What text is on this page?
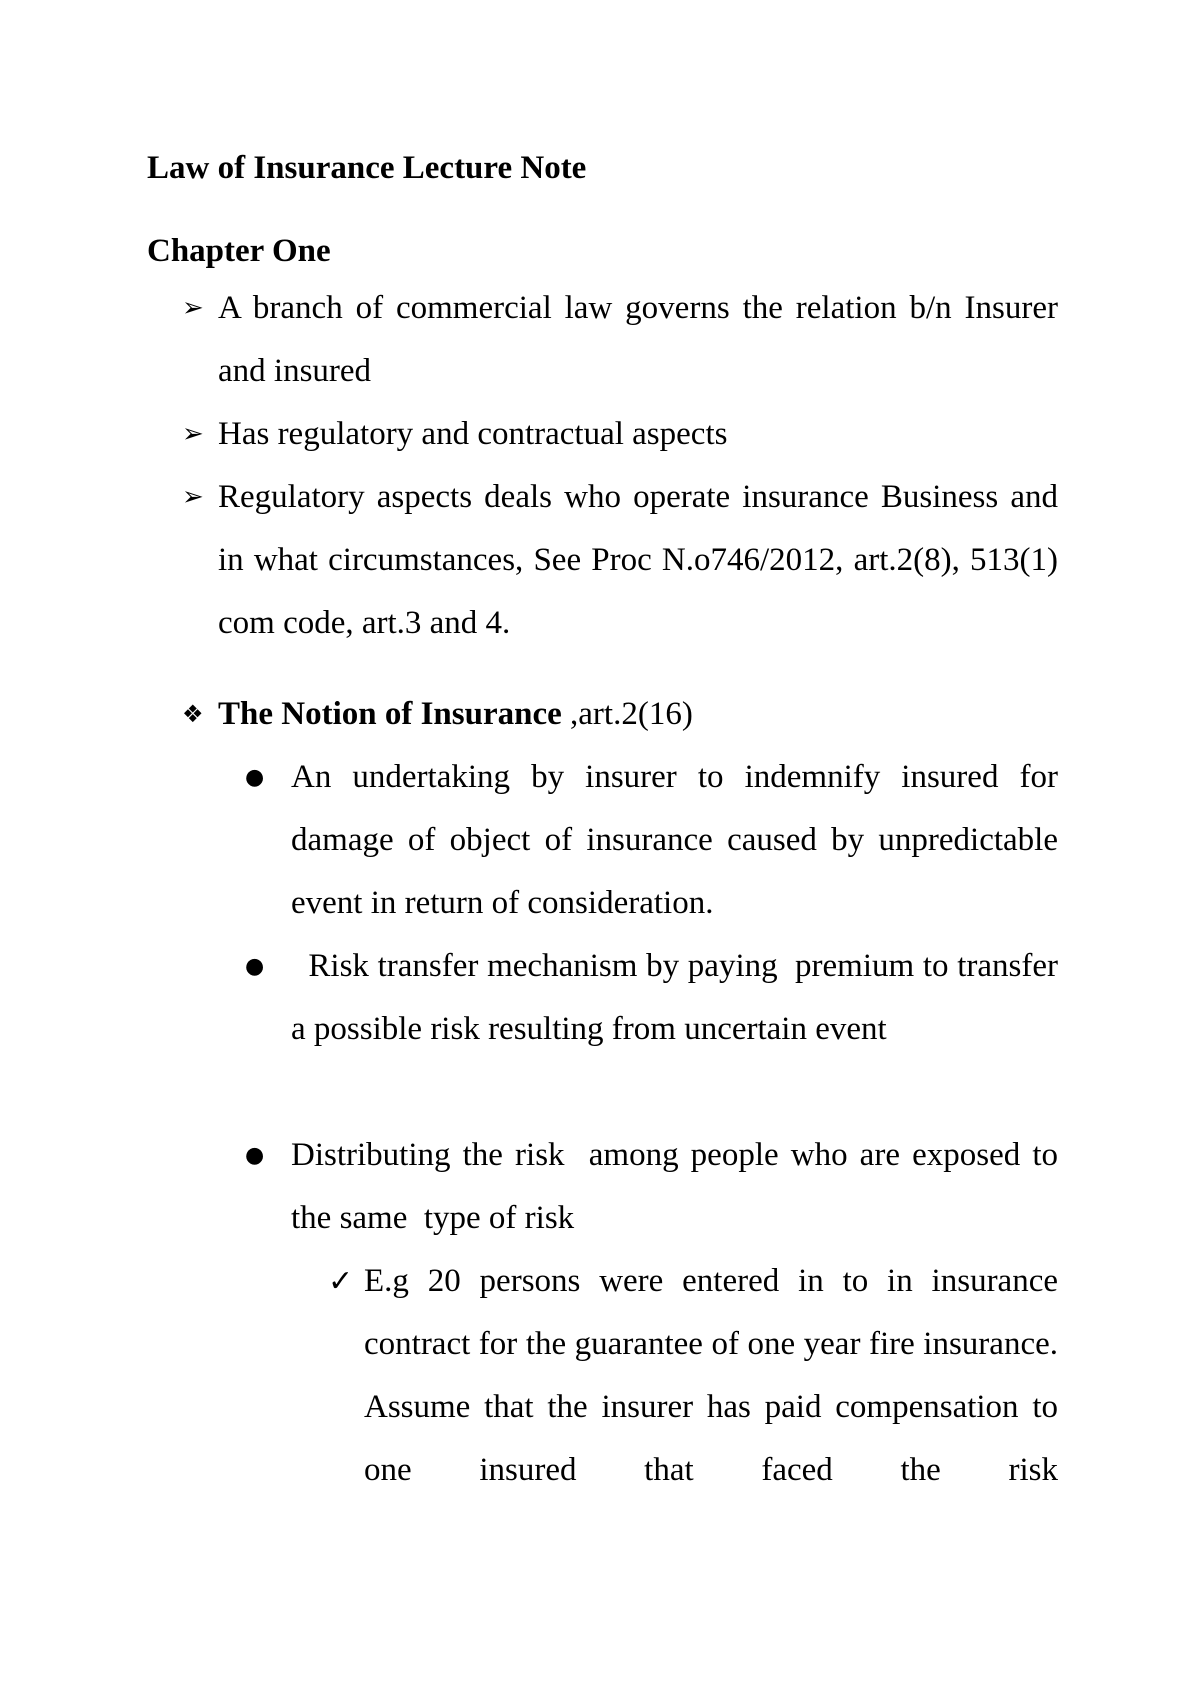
Law of Insurance Lecture Note
Chapter One
➢ A branch of commercial law governs the relation b/n Insurer and insured
➢ Has regulatory and contractual aspects
➢ Regulatory aspects deals who operate insurance Business and in what circumstances, See Proc N.o746/2012, art.2(8), 513(1) com code, art.3 and 4.
❖ The Notion of Insurance ,art.2(16)
● An undertaking by insurer to indemnify insured for damage of object of insurance caused by unpredictable event in return of consideration.
● Risk transfer mechanism by paying  premium to transfer a possible risk resulting from uncertain event
● Distributing the risk  among people who are exposed to the same  type of risk
✓ E.g 20 persons were entered in to in insurance contract for the guarantee of one year fire insurance. Assume that the insurer has paid compensation to one insured that faced the risk
